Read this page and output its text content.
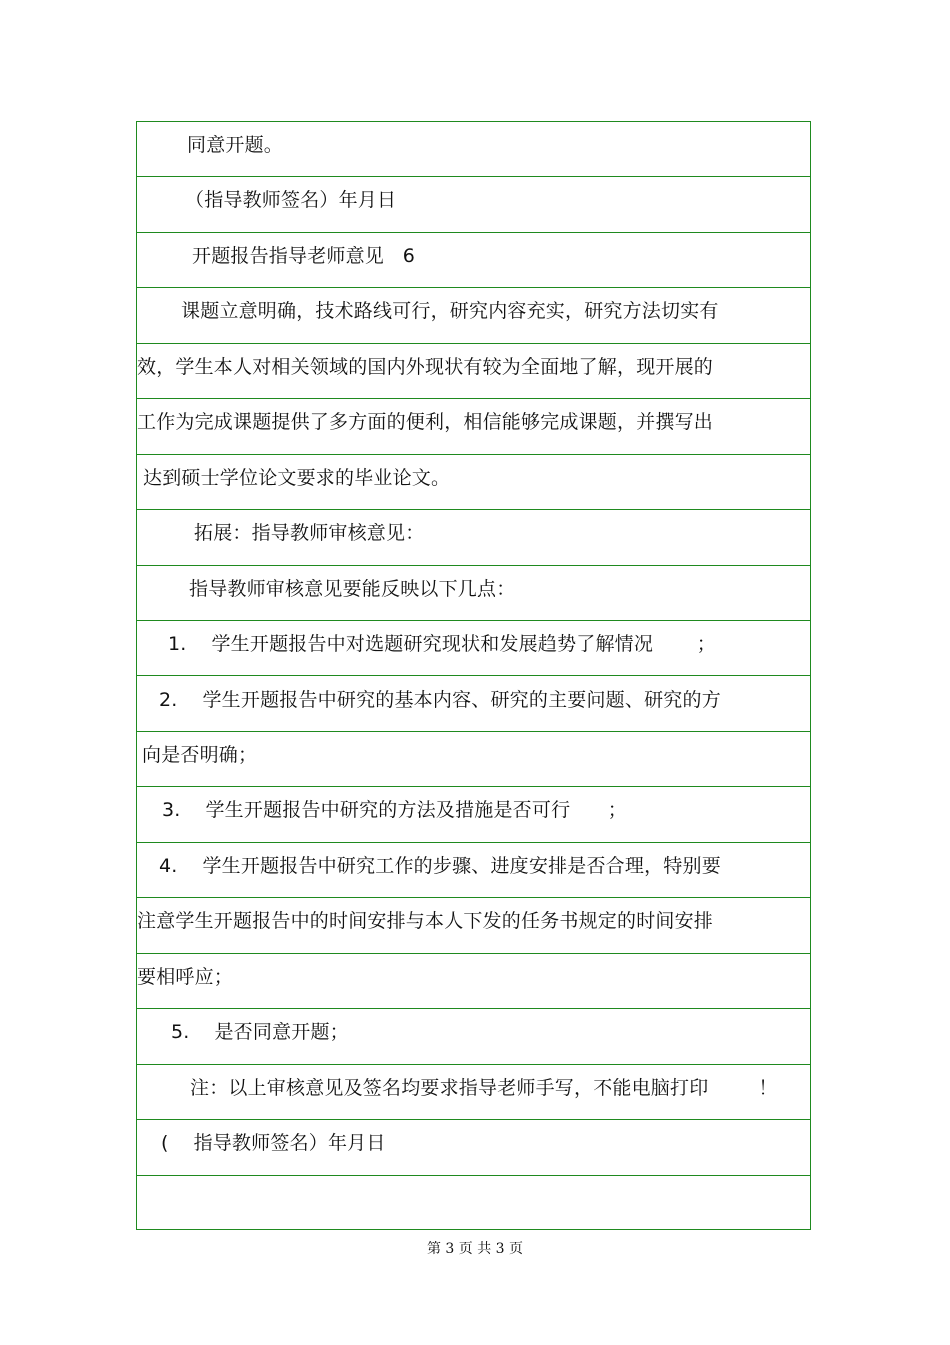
同意开题。
（指导教师签名）年月日
开题报告指导老师意见   6
课题立意明确，技术路线可行，研究内容充实，研究方法切实有
效，学生本人对相关领域的国内外现状有较为全面地了解，现开展的
工作为完成课题提供了多方面的便利，相信能够完成课题，并撰写出
达到硕士学位论文要求的毕业论文。
拓展：指导教师审核意见：
指导教师审核意见要能反映以下几点：
1.    学生开题报告中对选题研究现状和发展趋势了解情况       ；
2.    学生开题报告中研究的基本内容、研究的主要问题、研究的方
向是否明确；
3.    学生开题报告中研究的方法及措施是否可行      ；
4.    学生开题报告中研究工作的步骤、进度安排是否合理，特别要
注意学生开题报告中的时间安排与本人下发的任务书规定的时间安排
要相呼应；
5.    是否同意开题；
注：以上审核意见及签名均要求指导老师手写，不能电脑打印        ！
(    指导教师签名）年月日
第 3 页 共 3 页
